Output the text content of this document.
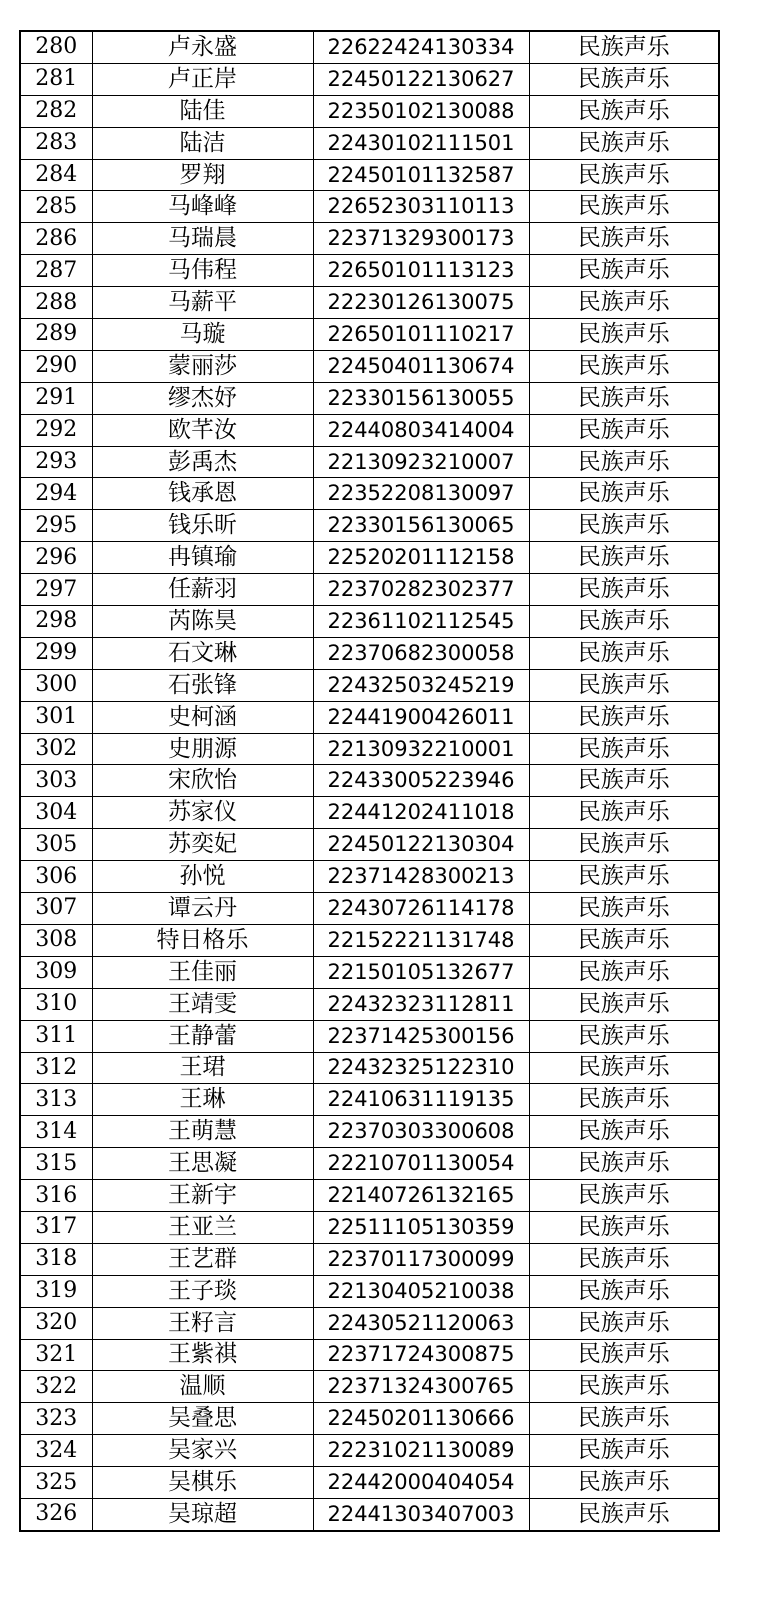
280	卢永盛	22622424130334	民族声乐
281	卢正岸	22450122130627	民族声乐
282	陆佳	22350102130088	民族声乐
283	陆洁	22430102111501	民族声乐
284	罗翔	22450101132587	民族声乐
285	马峰峰	22652303110113	民族声乐
286	马瑞晨	22371329300173	民族声乐
287	马伟程	22650101113123	民族声乐
288	马薪平	22230126130075	民族声乐
289	马璇	22650101110217	民族声乐
290	蒙丽莎	22450401130674	民族声乐
291	缪杰妤	22330156130055	民族声乐
292	欧芊汝	22440803414004	民族声乐
293	彭禹杰	22130923210007	民族声乐
294	钱承恩	22352208130097	民族声乐
295	钱乐昕	22330156130065	民族声乐
296	冉镇瑜	22520201112158	民族声乐
297	任薪羽	22370282302377	民族声乐
298	芮陈昊	22361102112545	民族声乐
299	石文琳	22370682300058	民族声乐
300	石张锋	22432503245219	民族声乐
301	史柯涵	22441900426011	民族声乐
302	史朋源	22130932210001	民族声乐
303	宋欣怡	22433005223946	民族声乐
304	苏家仪	22441202411018	民族声乐
305	苏奕妃	22450122130304	民族声乐
306	孙悦	22371428300213	民族声乐
307	谭云丹	22430726114178	民族声乐
308	特日格乐	22152221131748	民族声乐
309	王佳丽	22150105132677	民族声乐
310	王靖雯	22432323112811	民族声乐
311	王静蕾	22371425300156	民族声乐
312	王珺	22432325122310	民族声乐
313	王琳	22410631119135	民族声乐
314	王萌慧	22370303300608	民族声乐
315	王思凝	22210701130054	民族声乐
316	王新宇	22140726132165	民族声乐
317	王亚兰	22511105130359	民族声乐
318	王艺群	22370117300099	民族声乐
319	王子琰	22130405210038	民族声乐
320	王籽言	22430521120063	民族声乐
321	王紫祺	22371724300875	民族声乐
322	温顺	22371324300765	民族声乐
323	吴叠思	22450201130666	民族声乐
324	吴家兴	22231021130089	民族声乐
325	吴棋乐	22442000404054	民族声乐
326	吴琼超	22441303407003	民族声乐
